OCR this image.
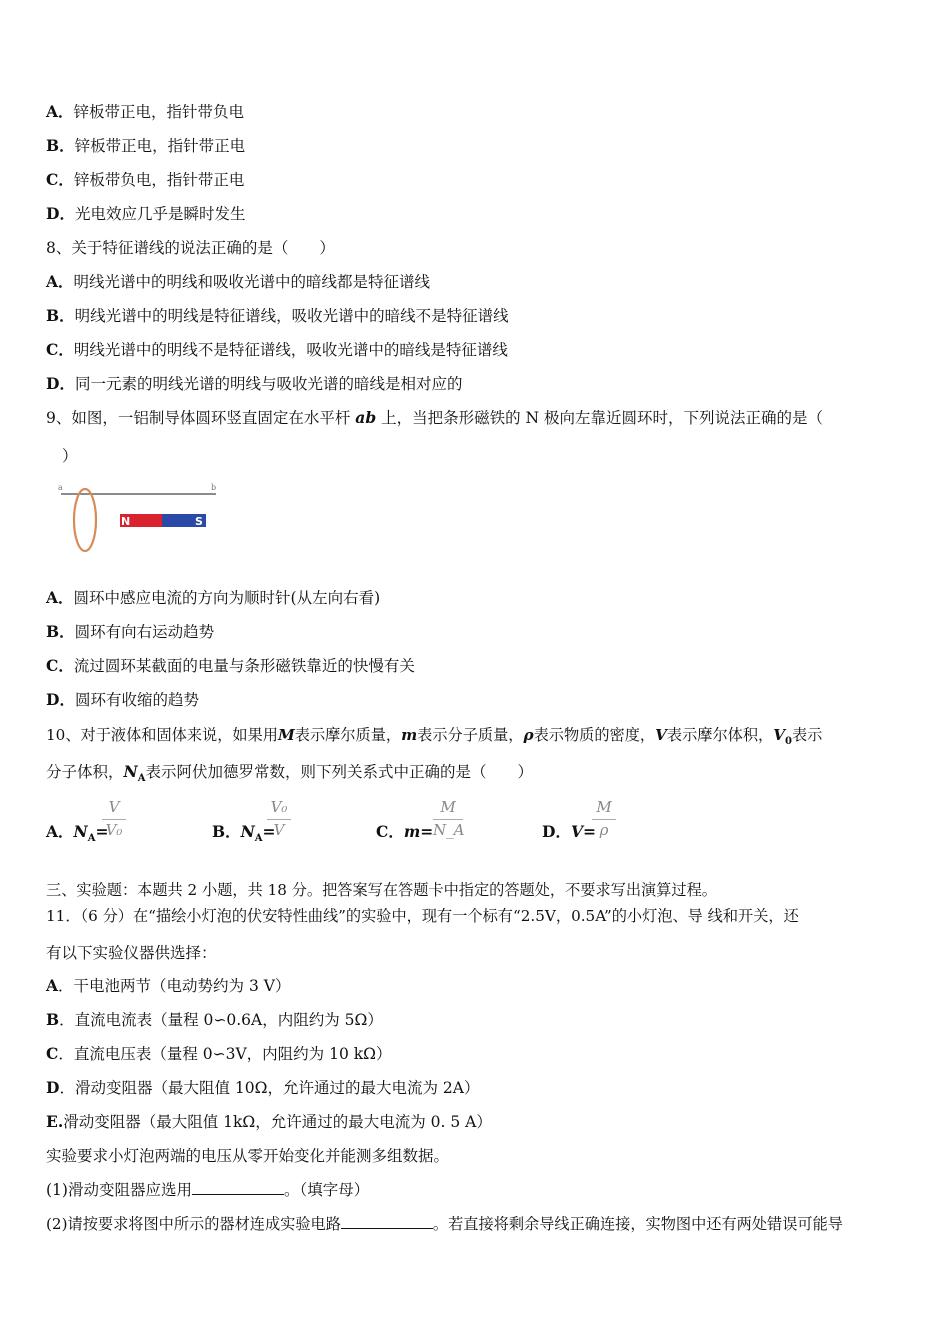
A．锌板带正电，指针带负电
B．锌板带正电，指针带正电
C．锌板带负电，指针带正电
D．光电效应几乎是瞬时发生
8、关于特征谱线的说法正确的是（　　）
A．明线光谱中的明线和吸收光谱中的暗线都是特征谱线
B．明线光谱中的明线是特征谱线，吸收光谱中的暗线不是特征谱线
C．明线光谱中的明线不是特征谱线，吸收光谱中的暗线是特征谱线
D．同一元素的明线光谱的明线与吸收光谱的暗线是相对应的
9、如图，一铝制导体圆环竖直固定在水平杆 ab 上，当把条形磁铁的 N 极向左靠近圆环时，下列说法正确的是（
）
a	b
N	S
A．圆环中感应电流的方向为顺时针(从左向右看)
B．圆环有向右运动趋势
C．流过圆环某截面的电量与条形磁铁靠近的快慢有关
D．圆环有收缩的趋势
10、对于液体和固体来说，如果用M表示摩尔质量，m表示分子质量，ρ表示物质的密度，V表示摩尔体积，$V_0$表示
分子体积，$N_A$表示阿伏加德罗常数，则下列关系式中正确的是（　　）
A．$N_A=$
V
V₀	B．$N_A=$
V₀
V	C．m=
M
N_A	D．V=
M
ρ
三、实验题：本题共 2 小题，共 18 分。把答案写在答题卡中指定的答题处，不要求写出演算过程。
11．（6 分）在“描绘小灯泡的伏安特性曲线”的实验中，现有一个标有“2.5V，0.5A”的小灯泡、导 线和开关，还
有以下实验仪器供选择：
A．干电池两节（电动势约为 3 V）
B．直流电流表（量程 0∽0.6A，内阻约为 5Ω）
C．直流电压表（量程 0∽3V，内阻约为 10 kΩ）
D．滑动变阻器（最大阻值 10Ω，允许通过的最大电流为 2A）
E.滑动变阻器（最大阻值 1kΩ，允许通过的最大电流为 0. 5 A）
实验要求小灯泡两端的电压从零开始变化并能测多组数据。
(1)滑动变阻器应选用	。（填字母）
(2)请按要求将图中所示的器材连成实验电路	。若直接将剩余导线正确连接，实物图中还有两处错误可能导
